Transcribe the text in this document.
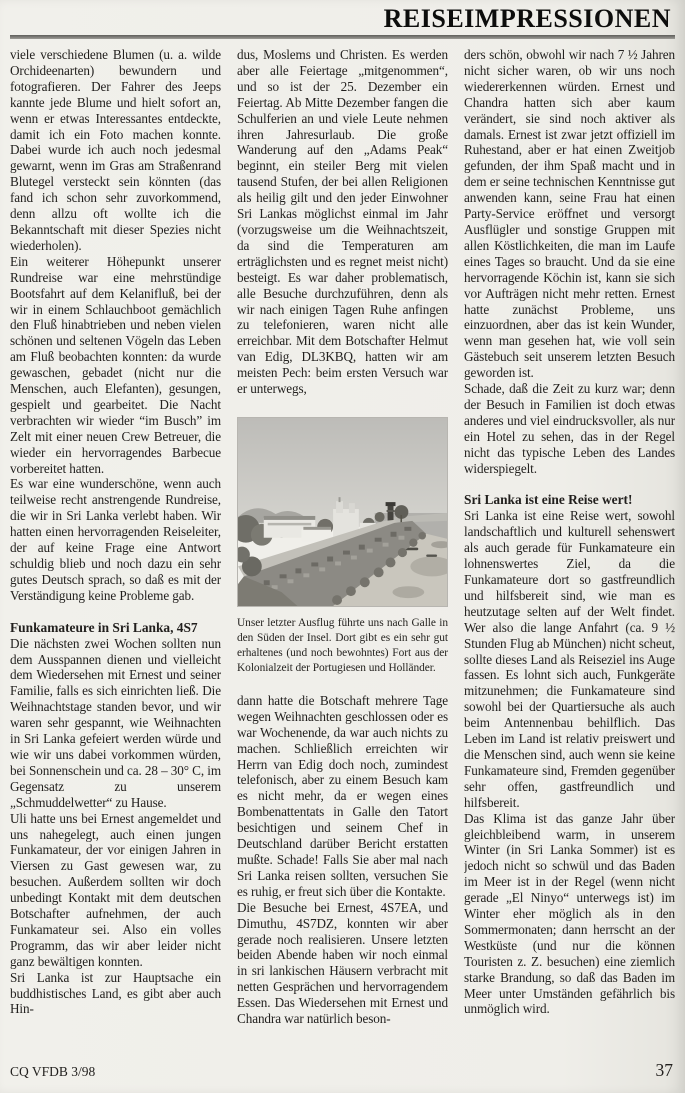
REISEIMPRESSIONEN

viele verschiedene Blumen (u. a. wilde Orchideenarten) bewundern und fotografieren. Der Fahrer des Jeeps kannte jede Blume und hielt sofort an, wenn er etwas Interessantes entdeckte, damit ich ein Foto machen konnte. Dabei wurde ich auch noch jedesmal gewarnt, wenn im Gras am Straßenrand Blutegel versteckt sein könnten (das fand ich schon sehr zuvorkommend, denn allzu oft wollte ich die Bekanntschaft mit dieser Spezies nicht wiederholen).

Ein weiterer Höhepunkt unserer Rundreise war eine mehrstündige Bootsfahrt auf dem Kelanifluß, bei der wir in einem Schlauchboot gemächlich den Fluß hinabtrieben und neben vielen schönen und seltenen Vögeln das Leben am Fluß beobachten konnten: da wurde gewaschen, gebadet (nicht nur die Menschen, auch Elefanten), gesungen, gespielt und gearbeitet. Die Nacht verbrachten wir wieder “im Busch” im Zelt mit einer neuen Crew Betreuer, die wieder ein hervorragendes Barbecue vorbereitet hatten.

Es war eine wunderschöne, wenn auch teilweise recht anstrengende Rundreise, die wir in Sri Lanka verlebt haben. Wir hatten einen hervorragenden Reiseleiter, der auf keine Frage eine Antwort schuldig blieb und noch dazu ein sehr gutes Deutsch sprach, so daß es mit der Verständigung keine Probleme gab.

Funkamateure in Sri Lanka, 4S7

Die nächsten zwei Wochen sollten nun dem Ausspannen dienen und vielleicht dem Wiedersehen mit Ernest und seiner Familie, falls es sich einrichten ließ. Die Weihnachtstage standen bevor, und wir waren sehr gespannt, wie Weihnachten in Sri Lanka gefeiert werden würde und wie wir uns dabei vorkommen würden, bei Sonnenschein und ca. 28 – 30° C, im Gegensatz zu unserem „Schmuddelwetter“ zu Hause.

Uli hatte uns bei Ernest angemeldet und uns nahegelegt, auch einen jungen Funkamateur, der vor einigen Jahren in Viersen zu Gast gewesen war, zu besuchen. Außerdem sollten wir doch unbedingt Kontakt mit dem deutschen Botschafter aufnehmen, der auch Funkamateur sei. Also ein volles Programm, das wir aber leider nicht ganz bewältigen konnten.

Sri Lanka ist zur Hauptsache ein buddhistisches Land, es gibt aber auch Hin-

dus, Moslems und Christen. Es werden aber alle Feiertage „mitgenommen“, und so ist der 25. Dezember ein Feiertag. Ab Mitte Dezember fangen die Schulferien an und viele Leute nehmen ihren Jahresurlaub. Die große Wanderung auf den „Adams Peak“ beginnt, ein steiler Berg mit vielen tausend Stufen, der bei allen Religionen als heilig gilt und den jeder Einwohner Sri Lankas möglichst einmal im Jahr (vorzugsweise um die Weihnachtszeit, da sind die Temperaturen am erträglichsten und es regnet meist nicht) besteigt. Es war daher problematisch, alle Besuche durchzuführen, denn als wir nach einigen Tagen Ruhe anfingen zu telefonieren, waren nicht alle erreichbar. Mit dem Botschafter Helmut van Edig, DL3KBQ, hatten wir am meisten Pech: beim ersten Versuch war er unterwegs,

Unser letzter Ausflug führte uns nach Galle in den Süden der Insel. Dort gibt es ein sehr gut erhaltenes (und noch bewohntes) Fort aus der Kolonialzeit der Portugiesen und Holländer.

dann hatte die Botschaft mehrere Tage wegen Weihnachten geschlossen oder es war Wochenende, da war auch nichts zu machen. Schließlich erreichten wir Herrn van Edig doch noch, zumindest telefonisch, aber zu einem Besuch kam es nicht mehr, da er wegen eines Bombenattentats in Galle den Tatort besichtigen und seinem Chef in Deutschland darüber Bericht erstatten mußte. Schade! Falls Sie aber mal nach Sri Lanka reisen sollten, versuchen Sie es ruhig, er freut sich über die Kontakte.

Die Besuche bei Ernest, 4S7EA, und Dimuthu, 4S7DZ, konnten wir aber gerade noch realisieren. Unsere letzten beiden Abende haben wir noch einmal in sri lankischen Häusern verbracht mit netten Gesprächen und hervorragendem Essen. Das Wiedersehen mit Ernest und Chandra war natürlich beson-

ders schön, obwohl wir nach 7 ½ Jahren nicht sicher waren, ob wir uns noch wiedererkennen würden. Ernest und Chandra hatten sich aber kaum verändert, sie sind noch aktiver als damals. Ernest ist zwar jetzt offiziell im Ruhestand, aber er hat einen Zweitjob gefunden, der ihm Spaß macht und in dem er seine technischen Kenntnisse gut anwenden kann, seine Frau hat einen Party-Service eröffnet und versorgt Ausflügler und sonstige Gruppen mit allen Köstlichkeiten, die man im Laufe eines Tages so braucht. Und da sie eine hervorragende Köchin ist, kann sie sich vor Aufträgen nicht mehr retten. Ernest hatte zunächst Probleme, uns einzuordnen, aber das ist kein Wunder, wenn man gesehen hat, wie voll sein Gästebuch seit unserem letzten Besuch geworden ist.

Schade, daß die Zeit zu kurz war; denn der Besuch in Familien ist doch etwas anderes und viel eindrucksvoller, als nur ein Hotel zu sehen, das in der Regel nicht das typische Leben des Landes widerspiegelt.

Sri Lanka ist eine Reise wert!

Sri Lanka ist eine Reise wert, sowohl landschaftlich und kulturell sehenswert als auch gerade für Funkamateure ein lohnenswertes Ziel, da die Funkamateure dort so gastfreundlich und hilfsbereit sind, wie man es heutzutage selten auf der Welt findet. Wer also die lange Anfahrt (ca. 9 ½ Stunden Flug ab München) nicht scheut, sollte dieses Land als Reiseziel ins Auge fassen. Es lohnt sich auch, Funkgeräte mitzunehmen; die Funkamateure sind sowohl bei der Quartiersuche als auch beim Antennenbau behilflich. Das Leben im Land ist relativ preiswert und die Menschen sind, auch wenn sie keine Funkamateure sind, Fremden gegenüber sehr offen, gastfreundlich und hilfsbereit.

Das Klima ist das ganze Jahr über gleichbleibend warm, in unserem Winter (in Sri Lanka Sommer) ist es jedoch nicht so schwül und das Baden im Meer ist in der Regel (wenn nicht gerade „El Ninyo“ unterwegs ist) im Winter eher möglich als in den Sommermonaten; dann herrscht an der Westküste (und nur die können Touristen z. Z. besuchen) eine ziemlich starke Brandung, so daß das Baden im Meer unter Umständen gefährlich bis unmöglich wird.

CQ VFDB 3/98	37
